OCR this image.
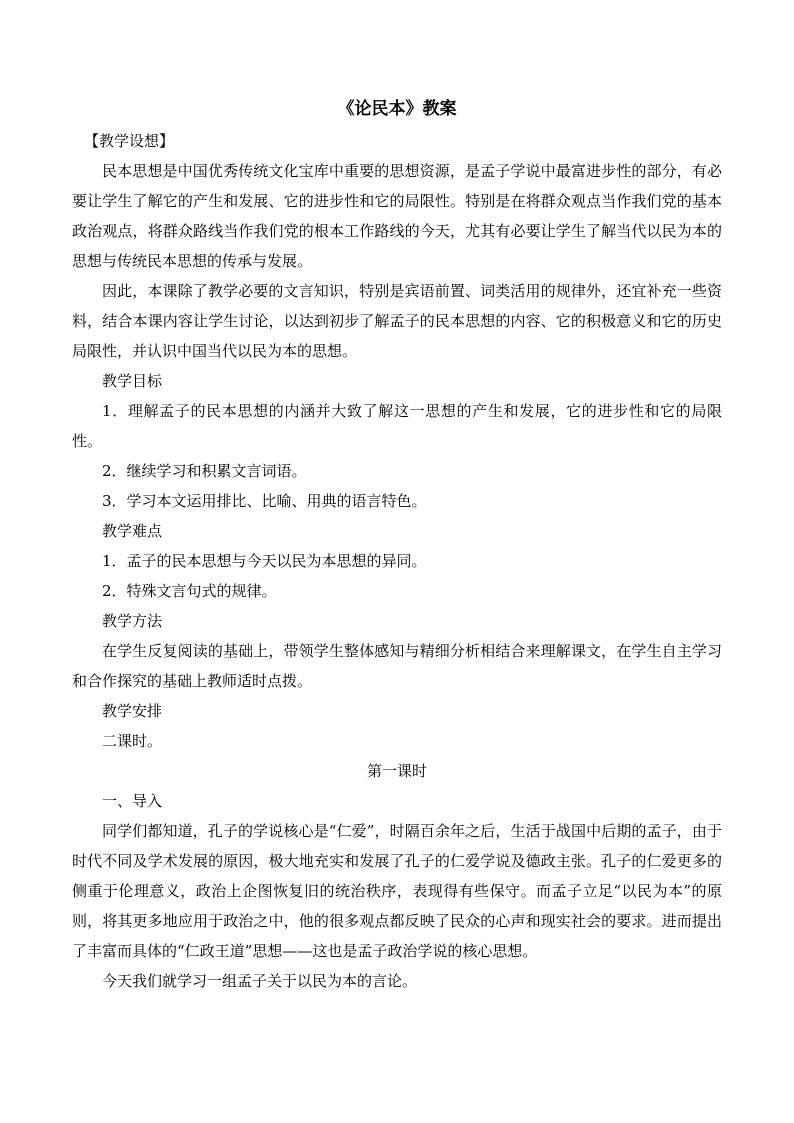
《论民本》教案
【教学设想】

民本思想是中国优秀传统文化宝库中重要的思想资源，是孟子学说中最富进步性的部分，有必要让学生了解它的产生和发展、它的进步性和它的局限性。特别是在将群众观点当作我们党的基本政治观点，将群众路线当作我们党的根本工作路线的今天，尤其有必要让学生了解当代以民为本的思想与传统民本思想的传承与发展。

因此，本课除了教学必要的文言知识，特别是宾语前置、词类活用的规律外，还宜补充一些资料，结合本课内容让学生讨论，以达到初步了解孟子的民本思想的内容、它的积极意义和它的历史局限性，并认识中国当代以民为本的思想。

教学目标

1．理解孟子的民本思想的内涵并大致了解这一思想的产生和发展，它的进步性和它的局限性。

2．继续学习和积累文言词语。
3．学习本文运用排比、比喻、用典的语言特色。
教学难点
1．孟子的民本思想与今天以民为本思想的异同。
2．特殊文言句式的规律。
教学方法

在学生反复阅读的基础上，带领学生整体感知与精细分析相结合来理解课文，在学生自主学习和合作探究的基础上教师适时点拨。

教学安排
二课时。
第一课时
一、导入

同学们都知道，孔子的学说核心是“仁爱”，时隔百余年之后，生活于战国中后期的孟子，由于时代不同及学术发展的原因，极大地充实和发展了孔子的仁爱学说及德政主张。孔子的仁爱更多的侧重于伦理意义，政治上企图恢复旧的统治秩序，表现得有些保守。而孟子立足“以民为本”的原则，将其更多地应用于政治之中，他的很多观点都反映了民众的心声和现实社会的要求。进而提出了丰富而具体的“仁政王道”思想——这也是孟子政治学说的核心思想。

今天我们就学习一组孟子关于以民为本的言论。
